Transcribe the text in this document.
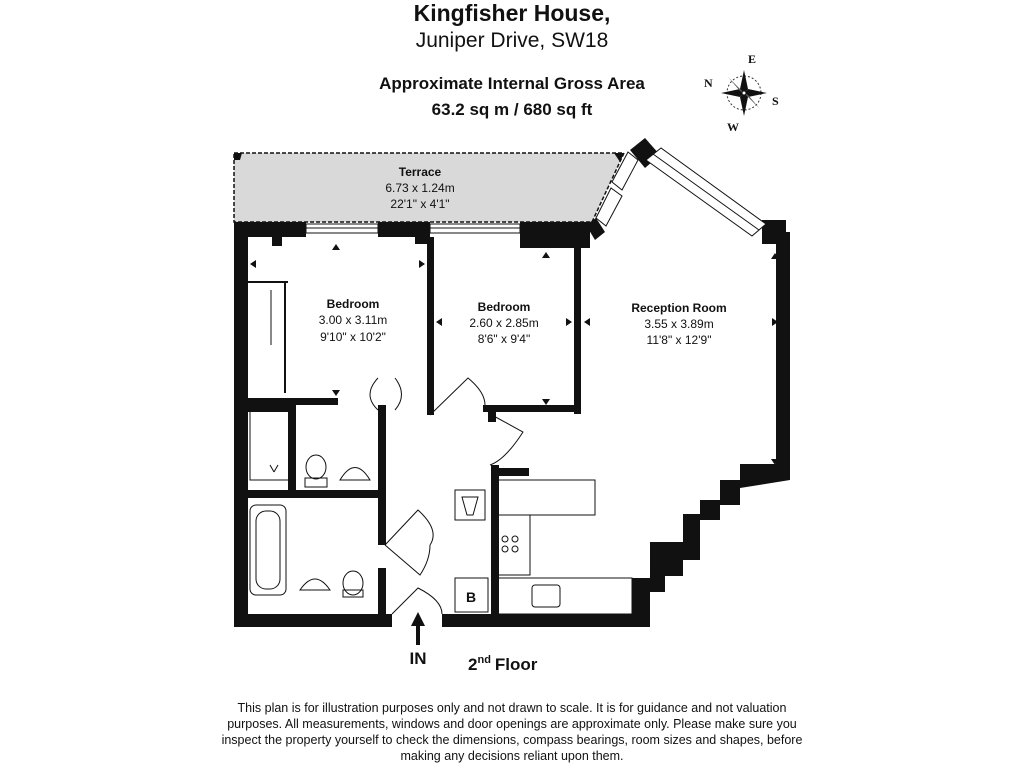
Kingfisher House,
Juniper Drive, SW18
Approximate Internal Gross Area
63.2 sq m / 680 sq ft
N
E
S
W
Terrace
6.73 x 1.24m
22'1" x 4'1"
Bedroom
3.00 x 3.11m
9'10" x 10'2"
Bedroom
2.60 x 2.85m
8'6" x 9'4"
Reception Room
3.55 x 3.89m
11'8" x 12'9"
B
IN 2nd Floor
This plan is for illustration purposes only and not drawn to scale. It is for guidance and not valuation purposes. All measurements, windows and door openings are approximate only. Please make sure you inspect the property yourself to check the dimensions, compass bearings, room sizes and shapes, before making any decisions reliant upon them.
